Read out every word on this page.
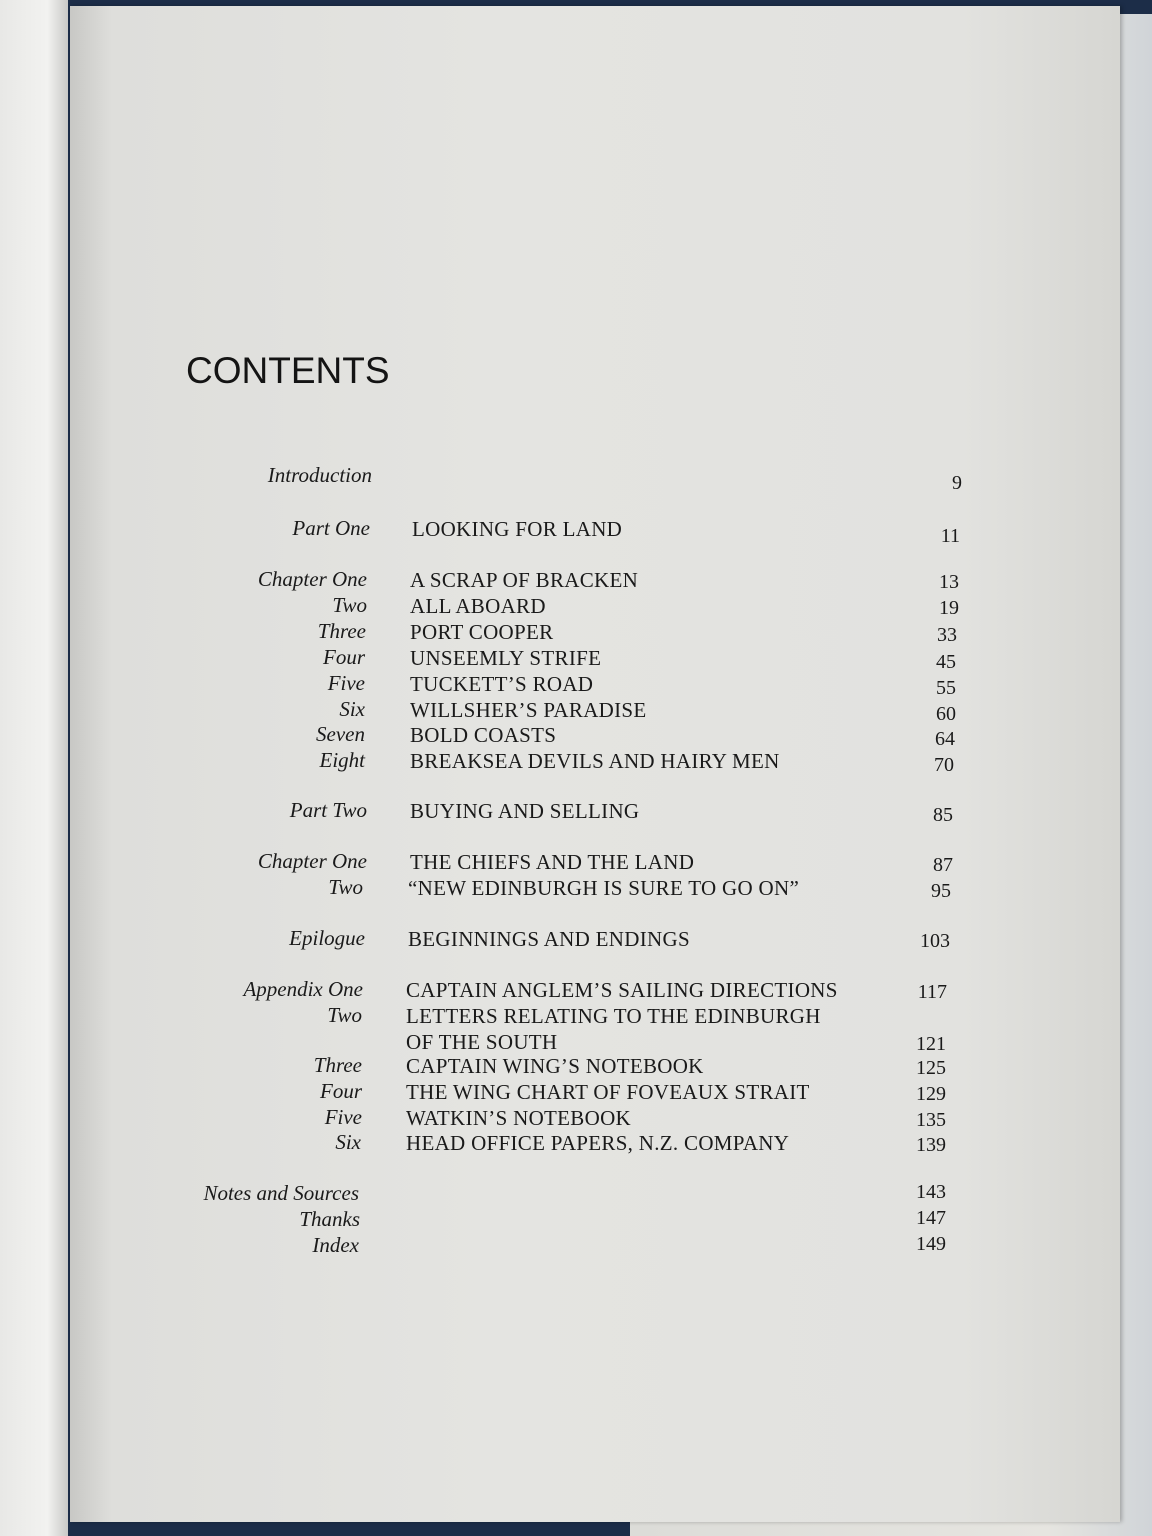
CONTENTS
Introduction	9
Part One LOOKING FOR LAND	11
Chapter One A SCRAP OF BRACKEN	13
Two ALL ABOARD	19
Three PORT COOPER	33
Four UNSEEMLY STRIFE	45
Five TUCKETT’S ROAD	55
Six WILLSHER’S PARADISE	60
Seven BOLD COASTS	64
Eight BREAKSEA DEVILS AND HAIRY MEN	70
Part Two BUYING AND SELLING	85
Chapter One THE CHIEFS AND THE LAND	87
Two “NEW EDINBURGH IS SURE TO GO ON”	95
Epilogue BEGINNINGS AND ENDINGS	103
Appendix One CAPTAIN ANGLEM’S SAILING DIRECTIONS	117
Two LETTERS RELATING TO THE EDINBURGH
OF THE SOUTH	121
Three CAPTAIN WING’S NOTEBOOK	125
Four THE WING CHART OF FOVEAUX STRAIT	129
Five WATKIN’S NOTEBOOK	135
Six HEAD OFFICE PAPERS, N.Z. COMPANY	139
Notes and Sources	143
Thanks	147
Index	149
